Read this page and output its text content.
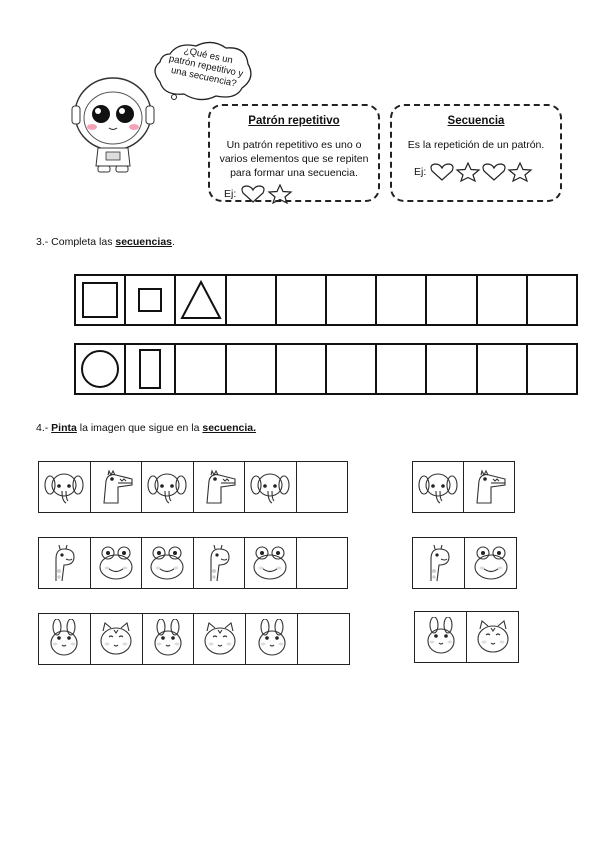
¿Qué es un patrón repetitivo y una secuencia?
Patrón repetitivo

Un patrón repetitivo es uno o varios elementos que se repiten para formar una secuencia.

Ej:
Secuencia

Es la repetición de un patrón.

Ej:
3.- Completa las secuencias.
4.- Pinta la imagen que sigue en la secuencia.
